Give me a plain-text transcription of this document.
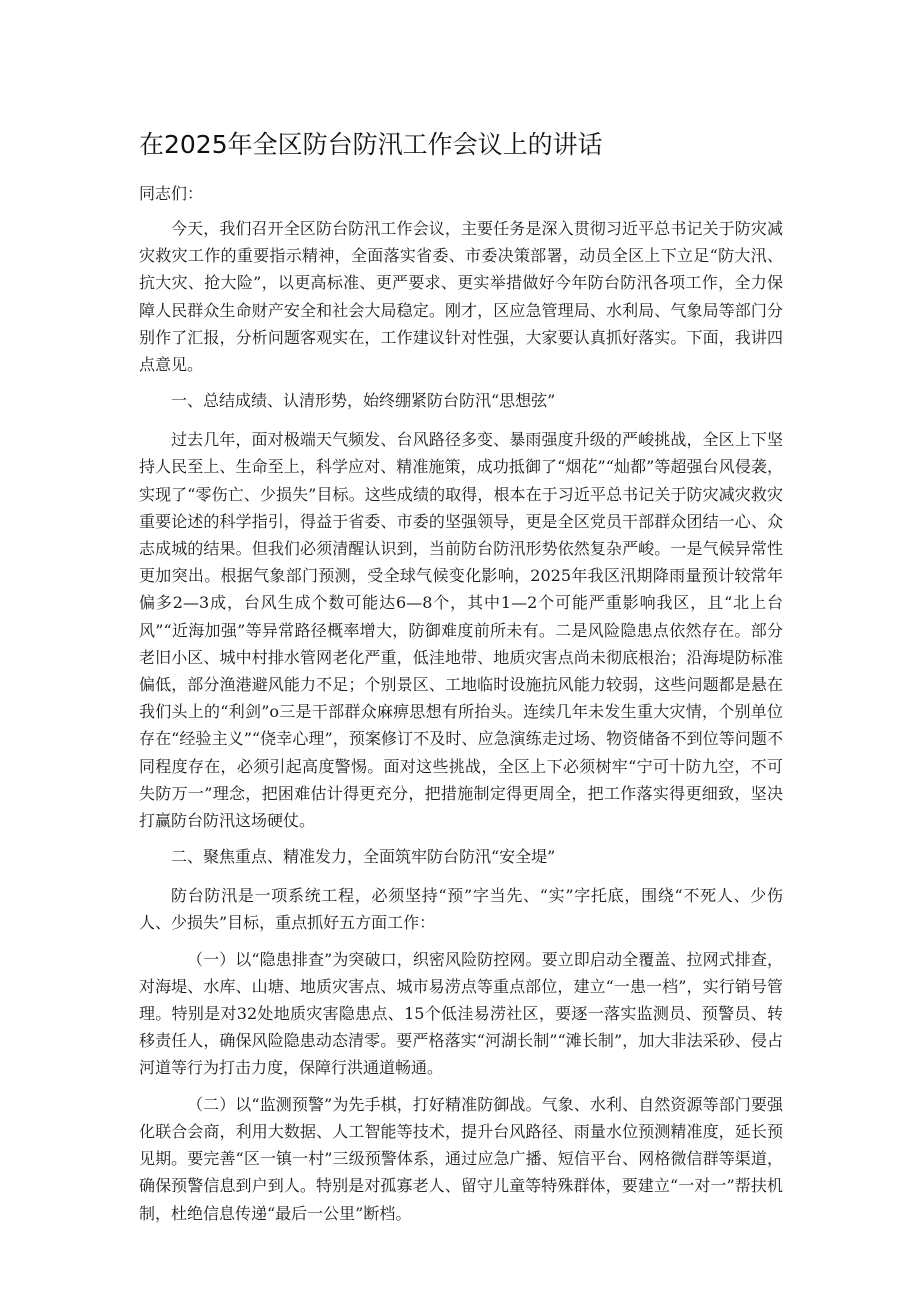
在2025年全区防台防汛工作会议上的讲话

同志们：

今天，我们召开全区防台防汛工作会议，主要任务是深入贯彻习近平总书记关于防灾减灾救灾工作的重要指示精神，全面落实省委、市委决策部署，动员全区上下立足“防大汛、抗大灾、抢大险”，以更高标准、更严要求、更实举措做好今年防台防汛各项工作，全力保障人民群众生命财产安全和社会大局稳定。刚才，区应急管理局、水利局、气象局等部门分别作了汇报，分析问题客观实在，工作建议针对性强，大家要认真抓好落实。下面，我讲四点意见。

一、总结成绩、认清形势，始终绷紧防台防汛“思想弦”

过去几年，面对极端天气频发、台风路径多变、暴雨强度升级的严峻挑战，全区上下坚持人民至上、生命至上，科学应对、精准施策，成功抵御了“烟花”“灿都”等超强台风侵袭，实现了“零伤亡、少损失”目标。这些成绩的取得，根本在于习近平总书记关于防灾减灾救灾重要论述的科学指引，得益于省委、市委的坚强领导，更是全区党员干部群众团结一心、众志成城的结果。但我们必须清醒认识到，当前防台防汛形势依然复杂严峻。一是气候异常性更加突出。根据气象部门预测，受全球气候变化影响，2025年我区汛期降雨量预计较常年偏多2—3成，台风生成个数可能达6—8个，其中1—2个可能严重影响我区，且“北上台风”“近海加强”等异常路径概率增大，防御难度前所未有。二是风险隐患点依然存在。部分老旧小区、城中村排水管网老化严重，低洼地带、地质灾害点尚未彻底根治；沿海堤防标准偏低，部分渔港避风能力不足；个别景区、工地临时设施抗风能力较弱，这些问题都是悬在我们头上的“利剑”o三是干部群众麻痹思想有所抬头。连续几年未发生重大灾情，个别单位存在“经验主义”“侥幸心理”，预案修订不及时、应急演练走过场、物资储备不到位等问题不同程度存在，必须引起高度警惕。面对这些挑战，全区上下必须树牢“宁可十防九空，不可失防万一”理念，把困难估计得更充分，把措施制定得更周全，把工作落实得更细致，坚决打赢防台防汛这场硬仗。

二、聚焦重点、精准发力，全面筑牢防台防汛“安全堤”

防台防汛是一项系统工程，必须坚持“预”字当先、“实”字托底，围绕“不死人、少伤人、少损失”目标，重点抓好五方面工作：

（一）以“隐患排查”为突破口，织密风险防控网。要立即启动全覆盖、拉网式排查，对海堤、水库、山塘、地质灾害点、城市易涝点等重点部位，建立“一患一档”，实行销号管理。特别是对32处地质灾害隐患点、15个低洼易涝社区，要逐一落实监测员、预警员、转移责任人，确保风险隐患动态清零。要严格落实“河湖长制”“滩长制”，加大非法采砂、侵占河道等行为打击力度，保障行洪通道畅通。

（二）以“监测预警”为先手棋，打好精准防御战。气象、水利、自然资源等部门要强化联合会商，利用大数据、人工智能等技术，提升台风路径、雨量水位预测精准度，延长预见期。要完善“区一镇一村”三级预警体系，通过应急广播、短信平台、网格微信群等渠道，确保预警信息到户到人。特别是对孤寡老人、留守儿童等特殊群体，要建立“一对一”帮扶机制，杜绝信息传递“最后一公里”断档。
